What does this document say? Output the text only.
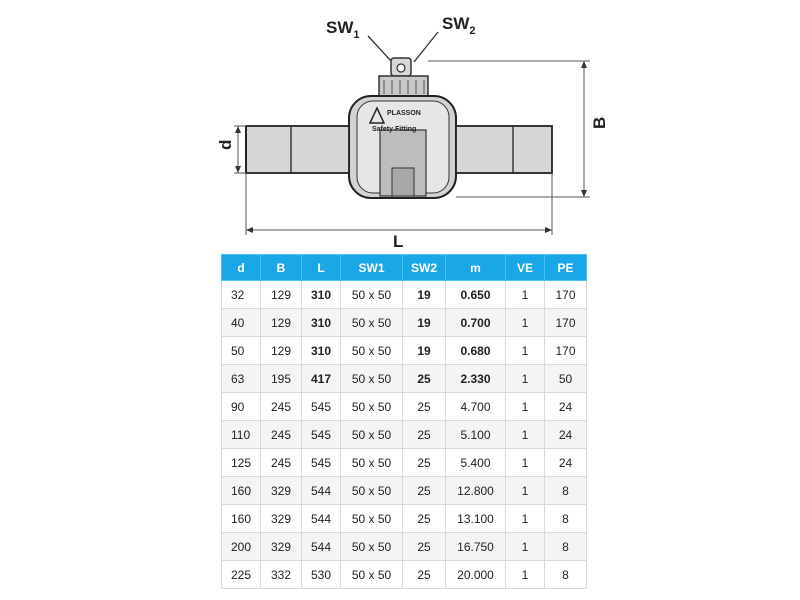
$SW_1$
$SW_2$
PLASSON
Safety Fitting
d
B
L
d	B	L	SW1	SW2	m	VE	PE
32	129	310	50 x 50	19	0.650	1	170
40	129	310	50 x 50	19	0.700	1	170
50	129	310	50 x 50	19	0.680	1	170
63	195	417	50 x 50	25	2.330	1	50
90	245	545	50 x 50	25	4.700	1	24
110	245	545	50 x 50	25	5.100	1	24
125	245	545	50 x 50	25	5.400	1	24
160	329	544	50 x 50	25	12.800	1	8
160	329	544	50 x 50	25	13.100	1	8
200	329	544	50 x 50	25	16.750	1	8
225	332	530	50 x 50	25	20.000	1	8
